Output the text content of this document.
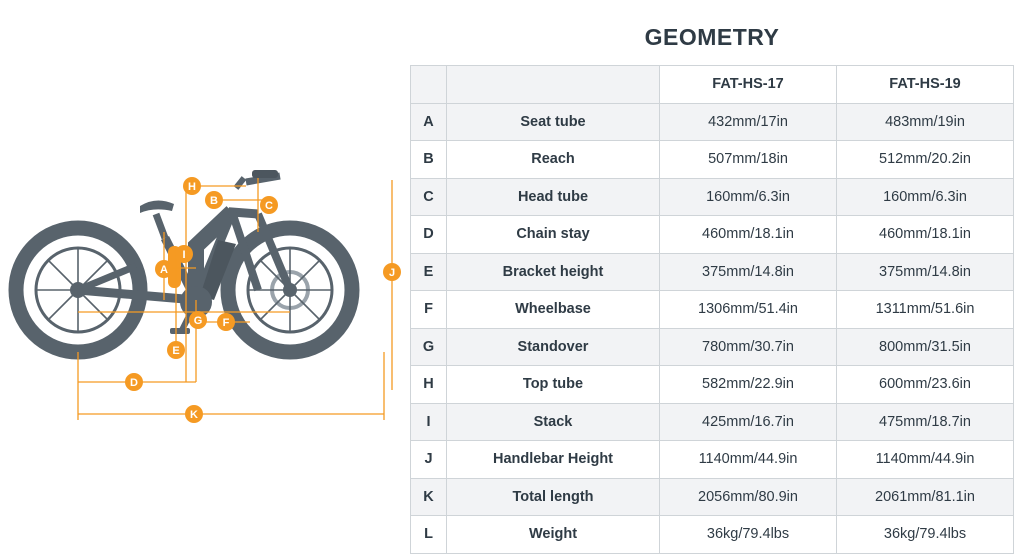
A
B	C
D
E
F
G
H
I
J
K
GEOMETRY
		FAT-HS-17	FAT-HS-19
A	Seat tube	432mm/17in	483mm/19in
B	Reach	507mm/18in	512mm/20.2in
C	Head tube	160mm/6.3in	160mm/6.3in
D	Chain stay	460mm/18.1in	460mm/18.1in
E	Bracket height	375mm/14.8in	375mm/14.8in
F	Wheelbase	1306mm/51.4in	1311mm/51.6in
G	Standover	780mm/30.7in	800mm/31.5in
H	Top tube	582mm/22.9in	600mm/23.6in
I	Stack	425mm/16.7in	475mm/18.7in
J	Handlebar Height	1140mm/44.9in	1140mm/44.9in
K	Total length	2056mm/80.9in	2061mm/81.1in
L	Weight	36kg/79.4lbs	36kg/79.4lbs
